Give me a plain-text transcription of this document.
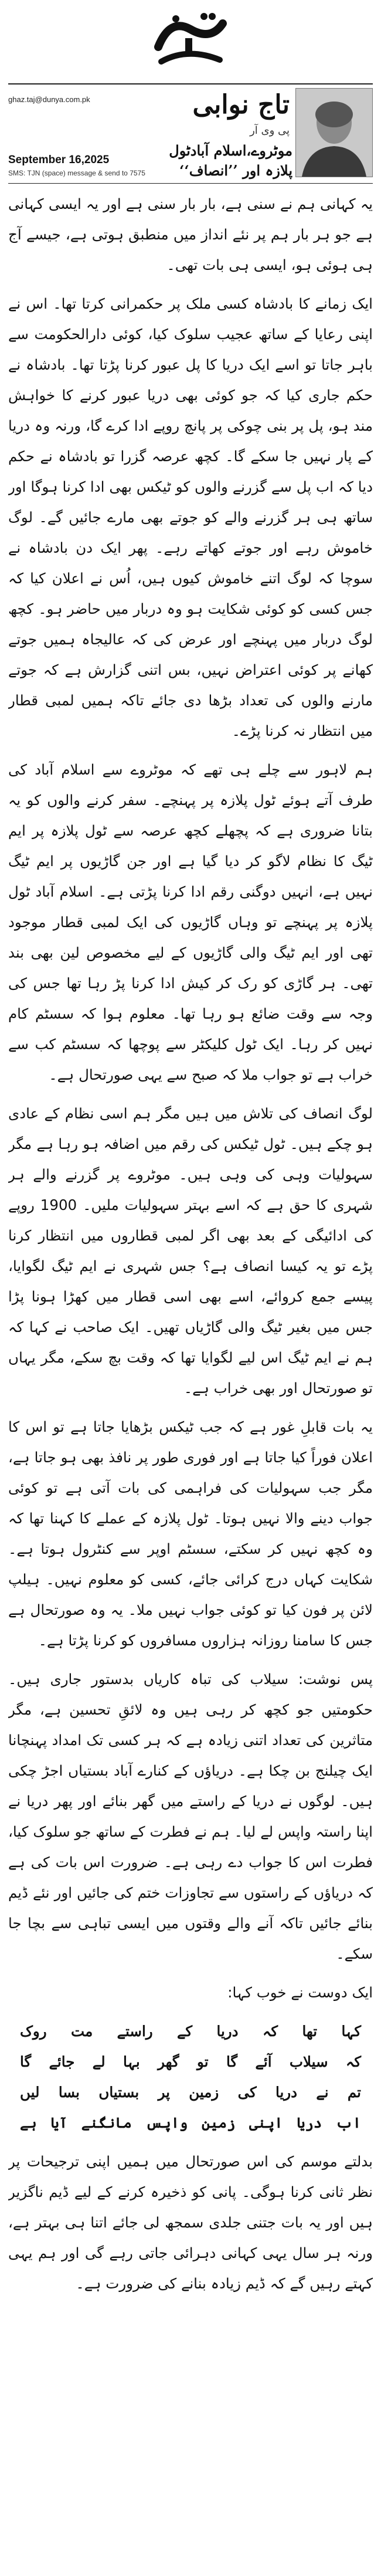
تاج نوابی
پی وی آر
ghaz.taj@dunya.com.pk
موٹروے،اسلام آبادٹول پلازہ اور ’’انصاف‘‘
September 16,2025
SMS: TJN (space) message & send to 7575

یہ کہانی ہم نے سنی ہے، بار بار سنی ہے اور یہ ایسی کہانی ہے جو ہر بار ہم پر نئے انداز میں منطبق ہوتی ہے، جیسے آج ہی ہوئی ہو، ایسی ہی بات تھی۔

ایک زمانے کا بادشاہ کسی ملک پر حکمرانی کرتا تھا۔ اس نے اپنی رعایا کے ساتھ عجیب سلوک کیا، کوئی دارالحکومت سے باہر جاتا تو اسے ایک دریا کا پل عبور کرنا پڑتا تھا۔ بادشاہ نے حکم جاری کیا کہ جو کوئی بھی دریا عبور کرنے کا خواہش مند ہو، پل پر بنی چوکی پر پانچ روپے ادا کرے گا، ورنہ وہ دریا کے پار نہیں جا سکے گا۔ کچھ عرصہ گزرا تو بادشاہ نے حکم دیا کہ اب پل سے گزرنے والوں کو ٹیکس بھی ادا کرنا ہوگا اور ساتھ ہی ہر گزرنے والے کو جوتے بھی مارے جائیں گے۔ لوگ خاموش رہے اور جوتے کھاتے رہے۔ پھر ایک دن بادشاہ نے سوچا کہ لوگ اتنے خاموش کیوں ہیں، اُس نے اعلان کیا کہ جس کسی کو کوئی شکایت ہو وہ دربار میں حاضر ہو۔ کچھ لوگ دربار میں پہنچے اور عرض کی کہ عالیجاہ ہمیں جوتے کھانے پر کوئی اعتراض نہیں، بس اتنی گزارش ہے کہ جوتے مارنے والوں کی تعداد بڑھا دی جائے تاکہ ہمیں لمبی قطار میں انتظار نہ کرنا پڑے۔

ہم لاہور سے چلے ہی تھے کہ موٹروے سے اسلام آباد کی طرف آتے ہوئے ٹول پلازہ پر پہنچے۔ سفر کرنے والوں کو یہ بتانا ضروری ہے کہ پچھلے کچھ عرصہ سے ٹول پلازہ پر ایم ٹیگ کا نظام لاگو کر دیا گیا ہے اور جن گاڑیوں پر ایم ٹیگ نہیں ہے، انہیں دوگنی رقم ادا کرنا پڑتی ہے۔ اسلام آباد ٹول پلازہ پر پہنچے تو وہاں گاڑیوں کی ایک لمبی قطار موجود تھی اور ایم ٹیگ والی گاڑیوں کے لیے مخصوص لین بھی بند تھی۔ ہر گاڑی کو رک کر کیش ادا کرنا پڑ رہا تھا جس کی وجہ سے وقت ضائع ہو رہا تھا۔ معلوم ہوا کہ سسٹم کام نہیں کر رہا۔ ایک ٹول کلیکٹر سے پوچھا کہ سسٹم کب سے خراب ہے تو جواب ملا کہ صبح سے یہی صورتحال ہے۔

لوگ انصاف کی تلاش میں ہیں مگر ہم اسی نظام کے عادی ہو چکے ہیں۔ ٹول ٹیکس کی رقم میں اضافہ ہو رہا ہے مگر سہولیات وہی کی وہی ہیں۔ موٹروے پر گزرنے والے ہر شہری کا حق ہے کہ اسے بہتر سہولیات ملیں۔ 1900 روپے کی ادائیگی کے بعد بھی اگر لمبی قطاروں میں انتظار کرنا پڑے تو یہ کیسا انصاف ہے؟ جس شہری نے ایم ٹیگ لگوایا، پیسے جمع کروائے، اسے بھی اسی قطار میں کھڑا ہونا پڑا جس میں بغیر ٹیگ والی گاڑیاں تھیں۔ ایک صاحب نے کہا کہ ہم نے ایم ٹیگ اس لیے لگوایا تھا کہ وقت بچ سکے، مگر یہاں تو صورتحال اور بھی خراب ہے۔

یہ بات قابلِ غور ہے کہ جب ٹیکس بڑھایا جاتا ہے تو اس کا اعلان فوراً کیا جاتا ہے اور فوری طور پر نافذ بھی ہو جاتا ہے، مگر جب سہولیات کی فراہمی کی بات آتی ہے تو کوئی جواب دینے والا نہیں ہوتا۔ ٹول پلازہ کے عملے کا کہنا تھا کہ وہ کچھ نہیں کر سکتے، سسٹم اوپر سے کنٹرول ہوتا ہے۔ شکایت کہاں درج کرائی جائے، کسی کو معلوم نہیں۔ ہیلپ لائن پر فون کیا تو کوئی جواب نہیں ملا۔ یہ وہ صورتحال ہے جس کا سامنا روزانہ ہزاروں مسافروں کو کرنا پڑتا ہے۔

پس نوشت: سیلاب کی تباہ کاریاں بدستور جاری ہیں۔ حکومتیں جو کچھ کر رہی ہیں وہ لائقِ تحسین ہے، مگر متاثرین کی تعداد اتنی زیادہ ہے کہ ہر کسی تک امداد پہنچانا ایک چیلنج بن چکا ہے۔ دریاؤں کے کنارے آباد بستیاں اجڑ چکی ہیں۔ لوگوں نے دریا کے راستے میں گھر بنائے اور پھر دریا نے اپنا راستہ واپس لے لیا۔ ہم نے فطرت کے ساتھ جو سلوک کیا، فطرت اس کا جواب دے رہی ہے۔ ضرورت اس بات کی ہے کہ دریاؤں کے راستوں سے تجاوزات ختم کی جائیں اور نئے ڈیم بنائے جائیں تاکہ آنے والے وقتوں میں ایسی تباہی سے بچا جا سکے۔

ایک دوست نے خوب کہا:

کہا تھا کہ دریا کے راستے مت روک
کہ سیلاب آئے گا تو گھر بہا لے جائے گا
تم نے دریا کی زمین پر بستیاں بسا لیں
اب دریا اپنی زمین واپس مانگنے آیا ہے

بدلتے موسم کی اس صورتحال میں ہمیں اپنی ترجیحات پر نظر ثانی کرنا ہوگی۔ پانی کو ذخیرہ کرنے کے لیے ڈیم ناگزیر ہیں اور یہ بات جتنی جلدی سمجھ لی جائے اتنا ہی بہتر ہے، ورنہ ہر سال یہی کہانی دہرائی جاتی رہے گی اور ہم یہی کہتے رہیں گے کہ ڈیم زیادہ بنانے کی ضرورت ہے۔
